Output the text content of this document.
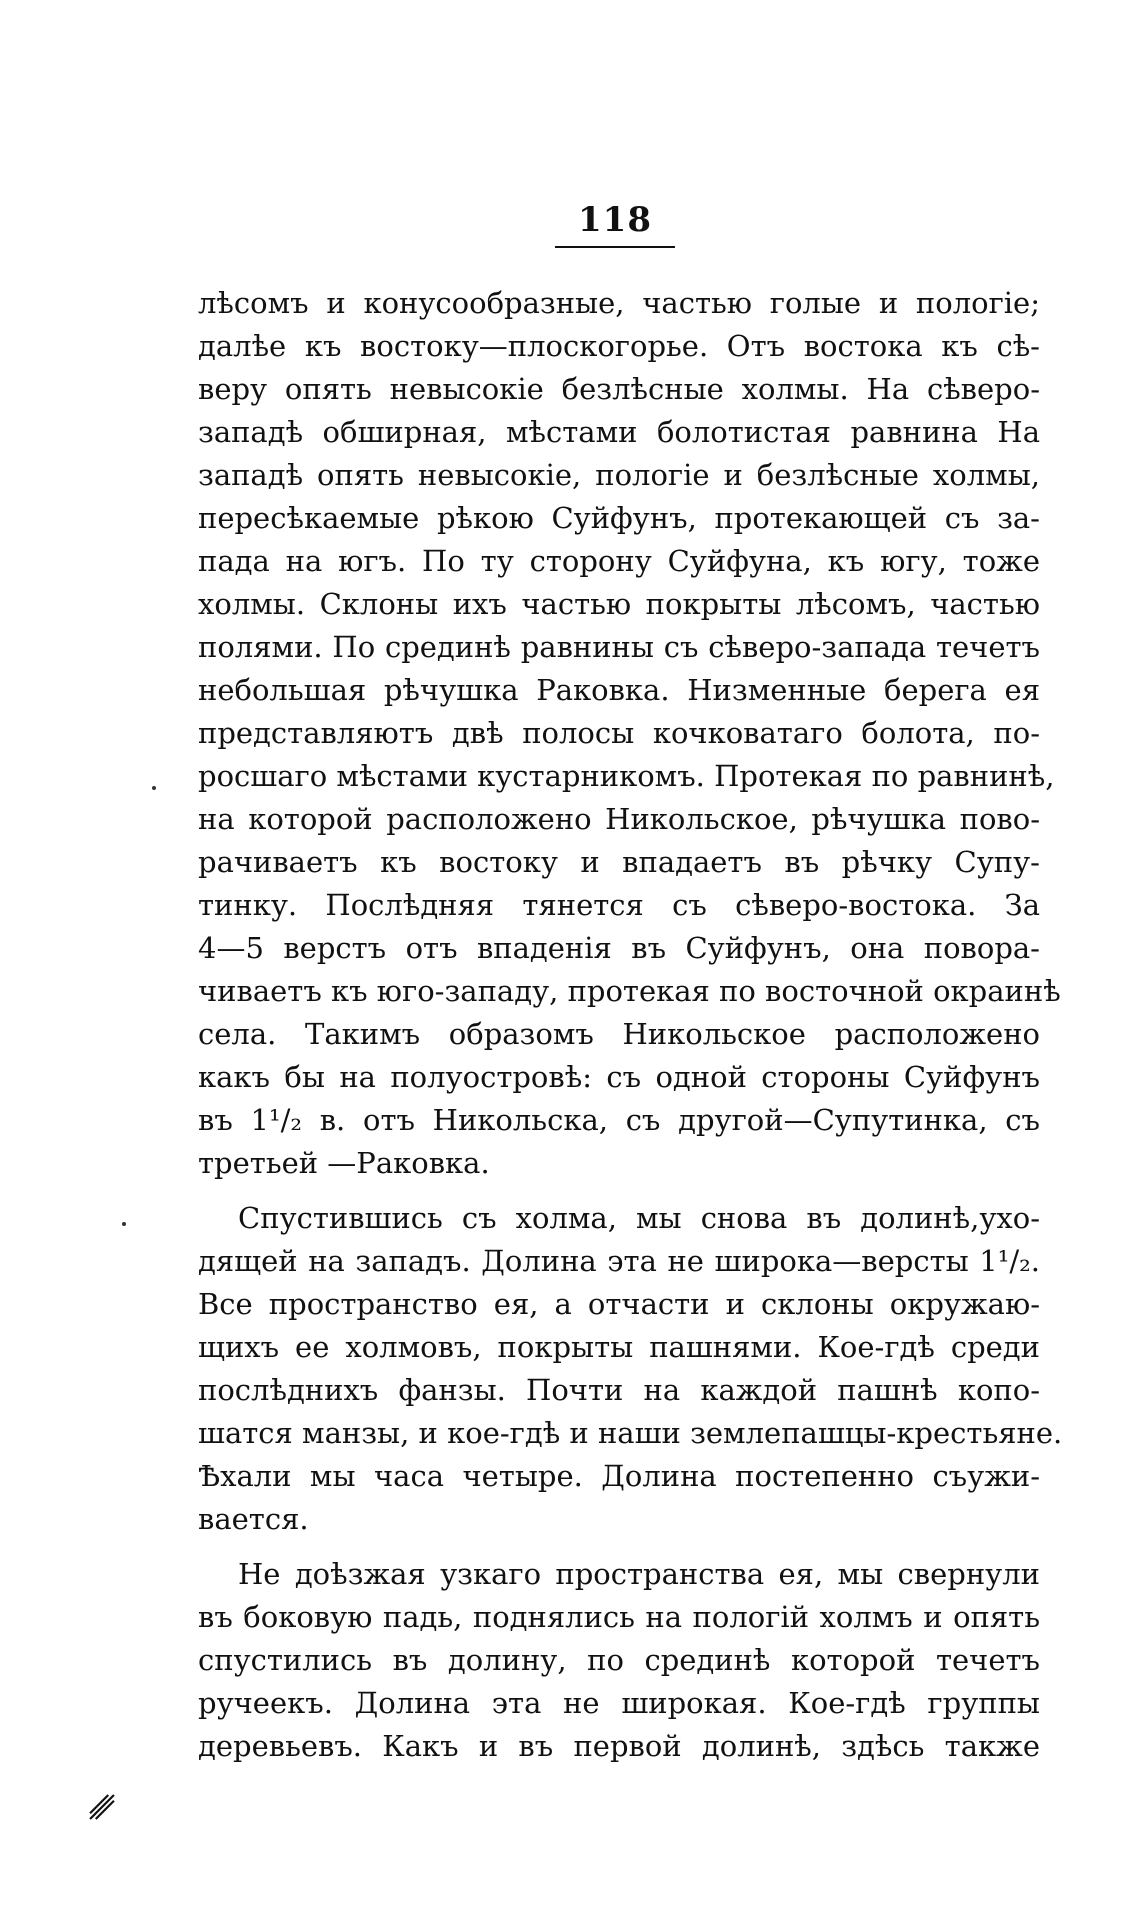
118
лѣсомъ и конусообразные, частью голые и пологіе;
далѣе къ востоку—плоскогорье. Отъ востока къ сѣ-
веру опять невысокіе безлѣсные холмы. На сѣверо-
западѣ обширная, мѣстами болотистая равнина На
западѣ опять невысокіе, пологіе и безлѣсные холмы,
пересѣкаемые рѣкою Суйфунъ, протекающей съ за-
пада на югъ. По ту сторону Суйфуна, къ югу, тоже
холмы. Склоны ихъ частью покрыты лѣсомъ, частью
полями. По срединѣ равнины съ сѣверо-запада течетъ
небольшая рѣчушка Раковка. Низменные берега ея
представляютъ двѣ полосы кочковатаго болота, по-
росшаго мѣстами кустарникомъ. Протекая по равнинѣ,
на которой расположено Никольское, рѣчушка пово-
рачиваетъ къ востоку и впадаетъ въ рѣчку Супу-
тинку. Послѣдняя тянется съ сѣверо-востока. За
4—5 верстъ отъ впаденія въ Суйфунъ, она повора-
чиваетъ къ юго-западу, протекая по восточной окраинѣ
села. Такимъ образомъ Никольское расположено
какъ бы на полуостровѣ: съ одной стороны Суйфунъ
въ 1¹/₂ в. отъ Никольска, съ другой—Супутинка, съ
третьей —Раковка.
Спустившись съ холма, мы снова въ долинѣ,ухо-
дящей на западъ. Долина эта не широка—версты 1¹/₂.
Все пространство ея, а отчасти и склоны окружаю-
щихъ ее холмовъ, покрыты пашнями. Кое-гдѣ среди
послѣднихъ фанзы. Почти на каждой пашнѣ копо-
шатся манзы, и кое-гдѣ и наши землепашцы-крестьяне.
Ѣхали мы часа четыре. Долина постепенно съужи-
вается.
Не доѣзжая узкаго пространства ея, мы свернули
въ боковую падь, поднялись на пологій холмъ и опять
спустились въ долину, по срединѣ которой течетъ
ручеекъ. Долина эта не широкая. Кое-гдѣ группы
деревьевъ. Какъ и въ первой долинѣ, здѣсь также
␥
